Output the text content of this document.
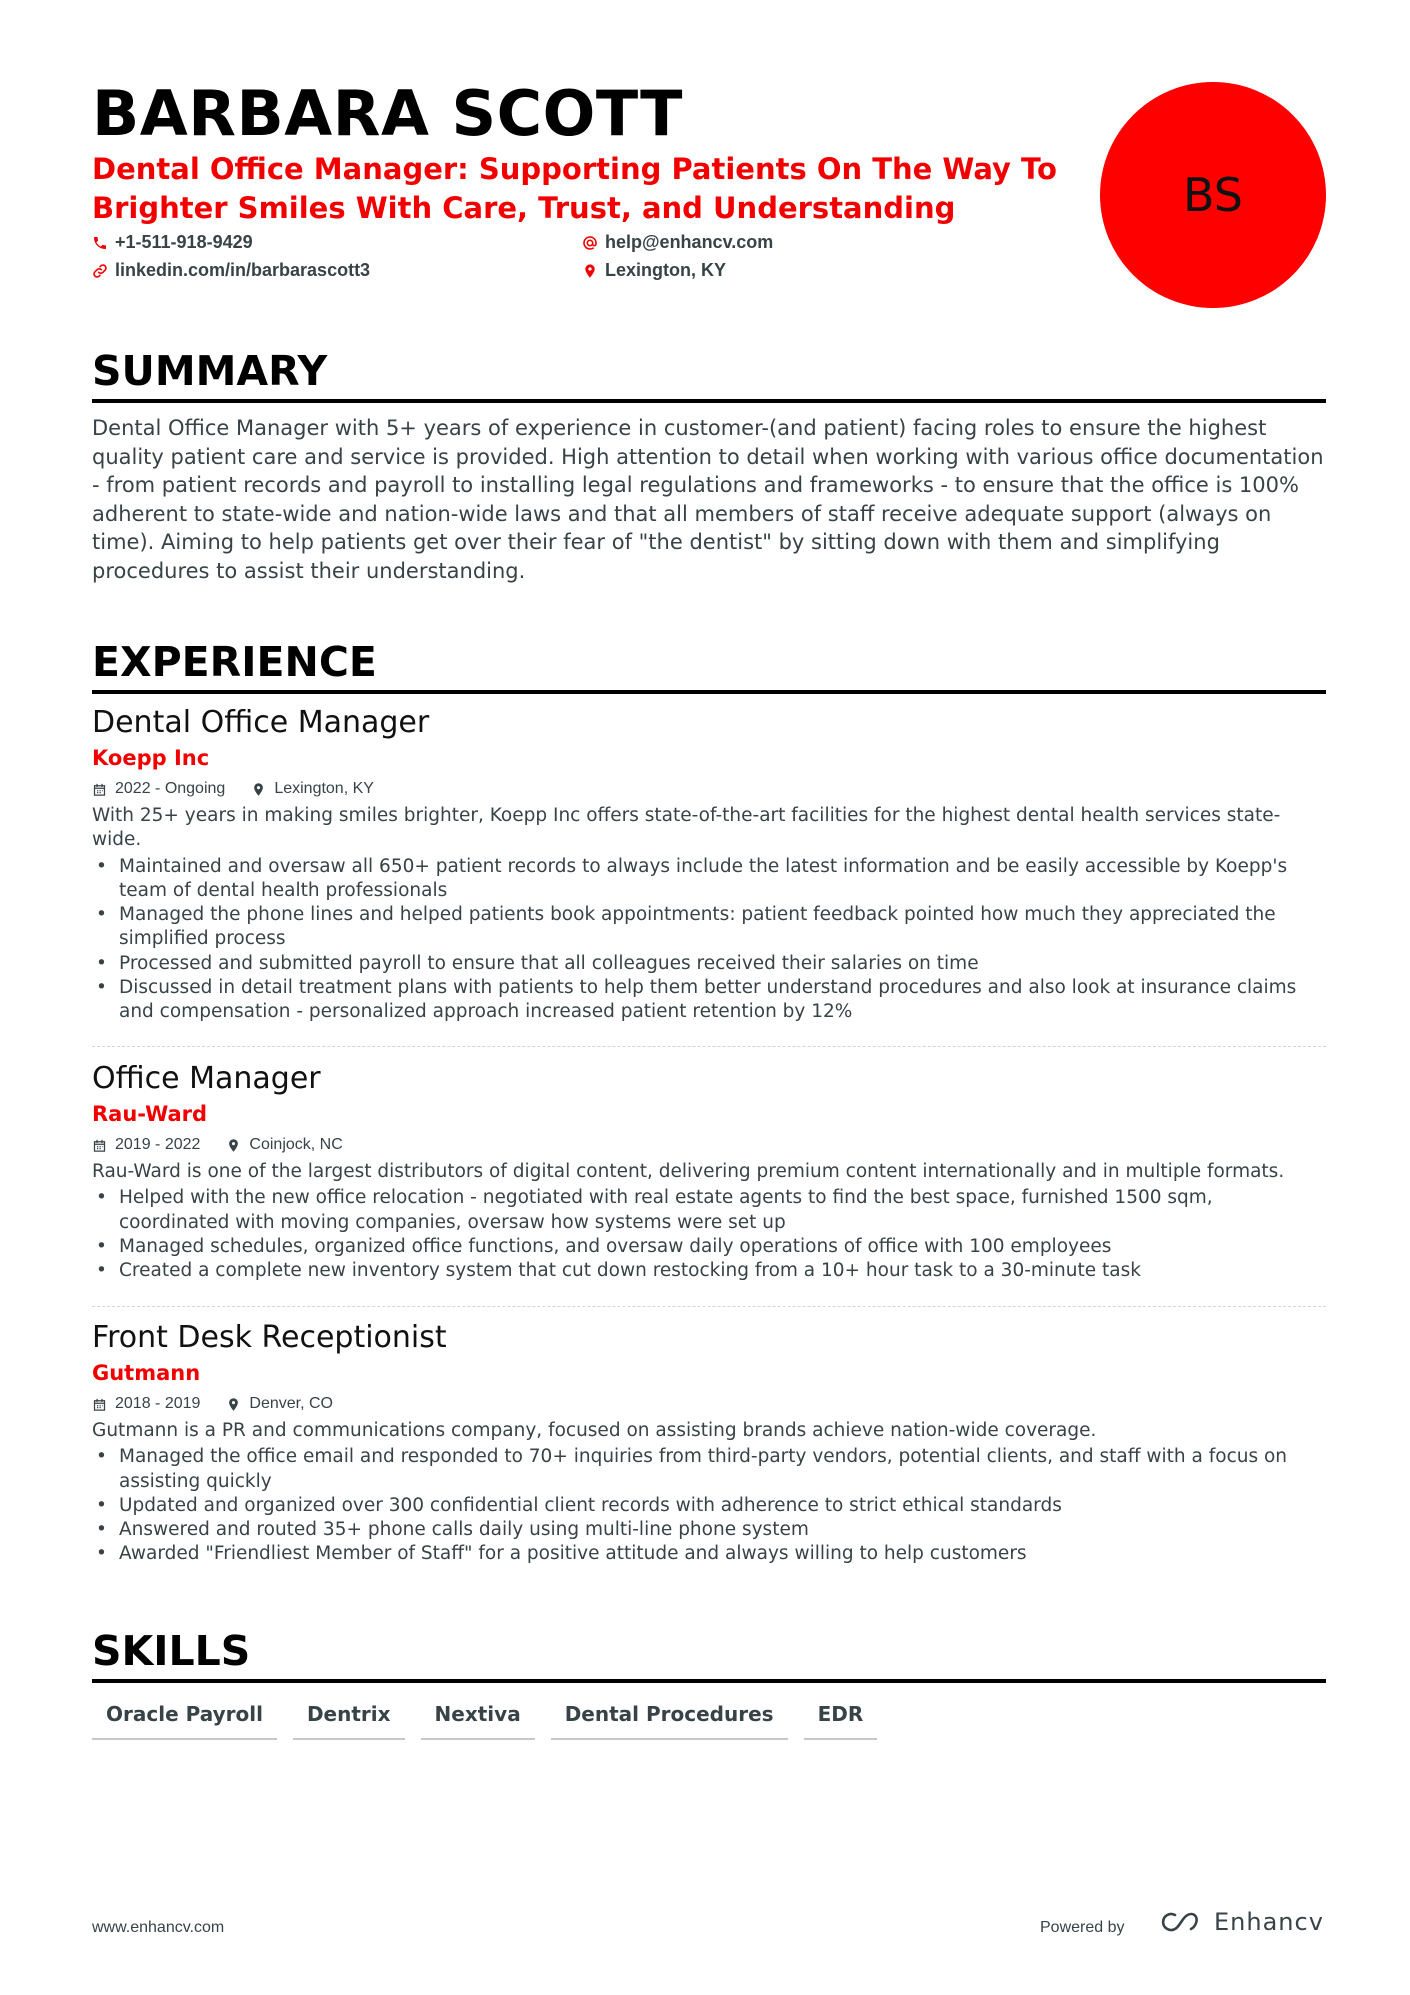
BARBARA SCOTT
Dental Office Manager: Supporting Patients On The Way To Brighter Smiles With Care, Trust, and Understanding
+1-511-918-9429	help@enhancv.com
linkedin.com/in/barbarascott3	Lexington, KY
BS
SUMMARY
Dental Office Manager with 5+ years of experience in customer-(and patient) facing roles to ensure the highest quality patient care and service is provided. High attention to detail when working with various office documentation - from patient records and payroll to installing legal regulations and frameworks - to ensure that the office is 100% adherent to state-wide and nation-wide laws and that all members of staff receive adequate support (always on time). Aiming to help patients get over their fear of "the dentist" by sitting down with them and simplifying procedures to assist their understanding.
EXPERIENCE
Dental Office Manager
Koepp Inc
2022 - Ongoing	Lexington, KY
With 25+ years in making smiles brighter, Koepp Inc offers state-of-the-art facilities for the highest dental health services state-wide.
• Maintained and oversaw all 650+ patient records to always include the latest information and be easily accessible by Koepp's team of dental health professionals
• Managed the phone lines and helped patients book appointments: patient feedback pointed how much they appreciated the simplified process
• Processed and submitted payroll to ensure that all colleagues received their salaries on time
• Discussed in detail treatment plans with patients to help them better understand procedures and also look at insurance claims and compensation - personalized approach increased patient retention by 12%
Office Manager
Rau-Ward
2019 - 2022	Coinjock, NC
Rau-Ward is one of the largest distributors of digital content, delivering premium content internationally and in multiple formats.
• Helped with the new office relocation - negotiated with real estate agents to find the best space, furnished 1500 sqm, coordinated with moving companies, oversaw how systems were set up
• Managed schedules, organized office functions, and oversaw daily operations of office with 100 employees
• Created a complete new inventory system that cut down restocking from a 10+ hour task to a 30-minute task
Front Desk Receptionist
Gutmann
2018 - 2019	Denver, CO
Gutmann is a PR and communications company, focused on assisting brands achieve nation-wide coverage.
• Managed the office email and responded to 70+ inquiries from third-party vendors, potential clients, and staff with a focus on assisting quickly
• Updated and organized over 300 confidential client records with adherence to strict ethical standards
• Answered and routed 35+ phone calls daily using multi-line phone system
• Awarded "Friendliest Member of Staff" for a positive attitude and always willing to help customers
SKILLS
Oracle Payroll	Dentrix	Nextiva	Dental Procedures	EDR
www.enhancv.com	Powered by	Enhancv
